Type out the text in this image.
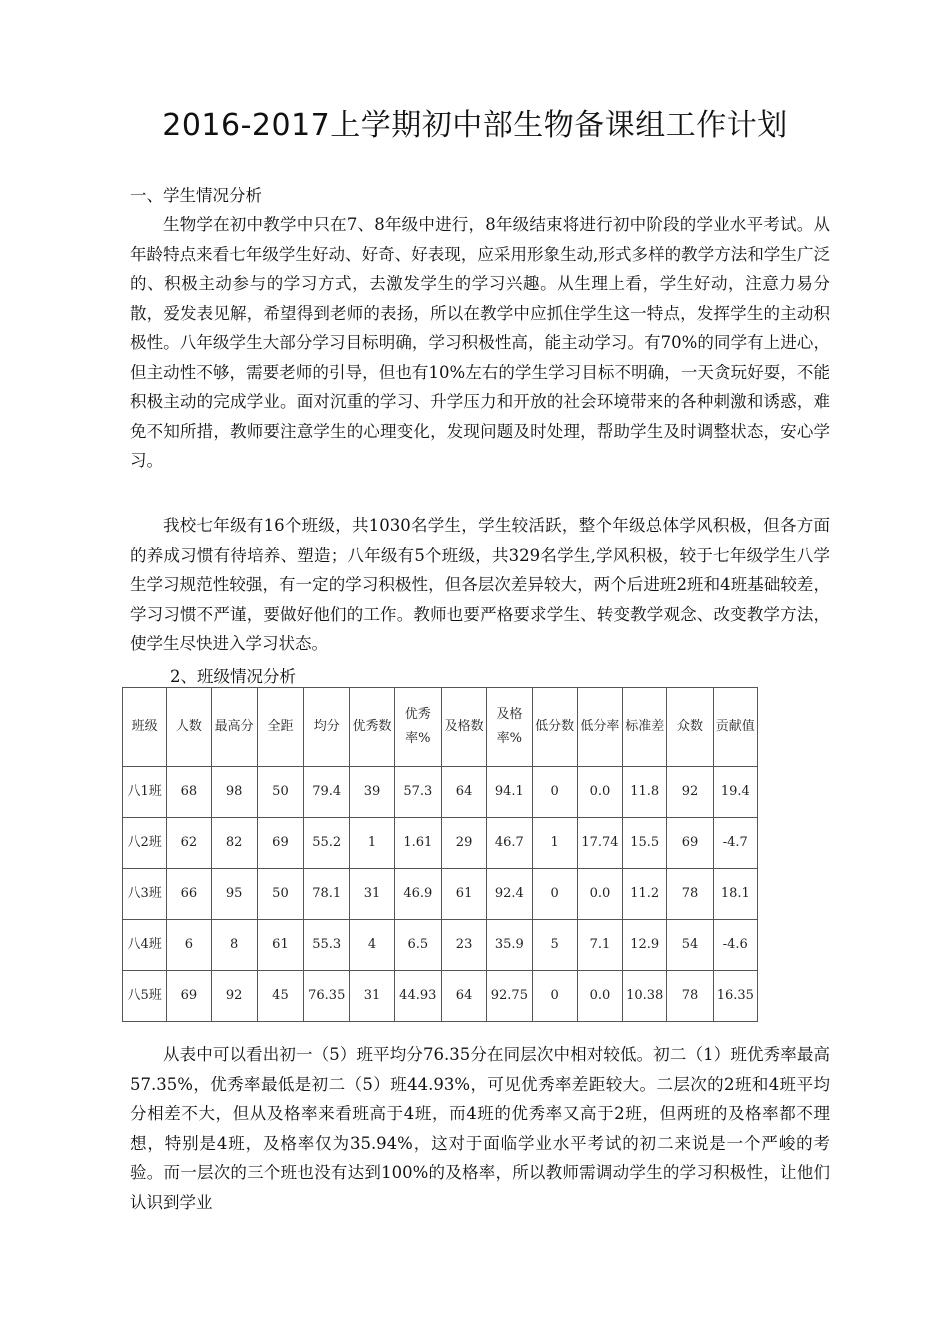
2016-2017上学期初中部生物备课组工作计划
一、学生情况分析

生物学在初中教学中只在7、8年级中进行，8年级结束将进行初中阶段的学业水平考试。从年龄特点来看七年级学生好动、好奇、好表现，应采用形象生动,形式多样的教学方法和学生广泛的、积极主动参与的学习方式，去激发学生的学习兴趣。从生理上看，学生好动，注意力易分散，爱发表见解，希望得到老师的表扬，所以在教学中应抓住学生这一特点，发挥学生的主动积极性。八年级学生大部分学习目标明确，学习积极性高，能主动学习。有70%的同学有上进心，但主动性不够，需要老师的引导，但也有10%左右的学生学习目标不明确，一天贪玩好耍，不能积极主动的完成学业。面对沉重的学习、升学压力和开放的社会环境带来的各种刺激和诱惑，难免不知所措，教师要注意学生的心理变化，发现问题及时处理，帮助学生及时调整状态，安心学习。

我校七年级有16个班级，共1030名学生，学生较活跃，整个年级总体学风积极，但各方面的养成习惯有待培养、塑造；八年级有5个班级，共329名学生,学风积极，较于七年级学生八学生学习规范性较强，有一定的学习积极性，但各层次差异较大，两个后进班2班和4班基础较差，学习习惯不严谨，要做好他们的工作。教师也要严格要求学生、转变教学观念、改变教学方法，使学生尽快进入学习状态。

2、班级情况分析
班级	人数	最高分	全距	均分	优秀数	优秀率%	及格数	及格率%	低分数	低分率	标准差	众数	贡献值
八1班	68	98	50	79.4	39	57.3	64	94.1	0	0.0	11.8	92	19.4
八2班	62	82	69	55.2	1	1.61	29	46.7	1	17.74	15.5	69	-4.7
八3班	66	95	50	78.1	31	46.9	61	92.4	0	0.0	11.2	78	18.1
八4班	6	8	61	55.3	4	6.5	23	35.9	5	7.1	12.9	54	-4.6
八5班	69	92	45	76.35	31	44.93	64	92.75	0	0.0	10.38	78	16.35

从表中可以看出初一（5）班平均分76.35分在同层次中相对较低。初二（1）班优秀率最高57.35%，优秀率最低是初二（5）班44.93%，可见优秀率差距较大。二层次的2班和4班平均分相差不大，但从及格率来看班高于4班，而4班的优秀率又高于2班，但两班的及格率都不理想，特别是4班，及格率仅为35.94%，这对于面临学业水平考试的初二来说是一个严峻的考验。而一层次的三个班也没有达到100%的及格率，所以教师需调动学生的学习积极性，让他们认识到学业
